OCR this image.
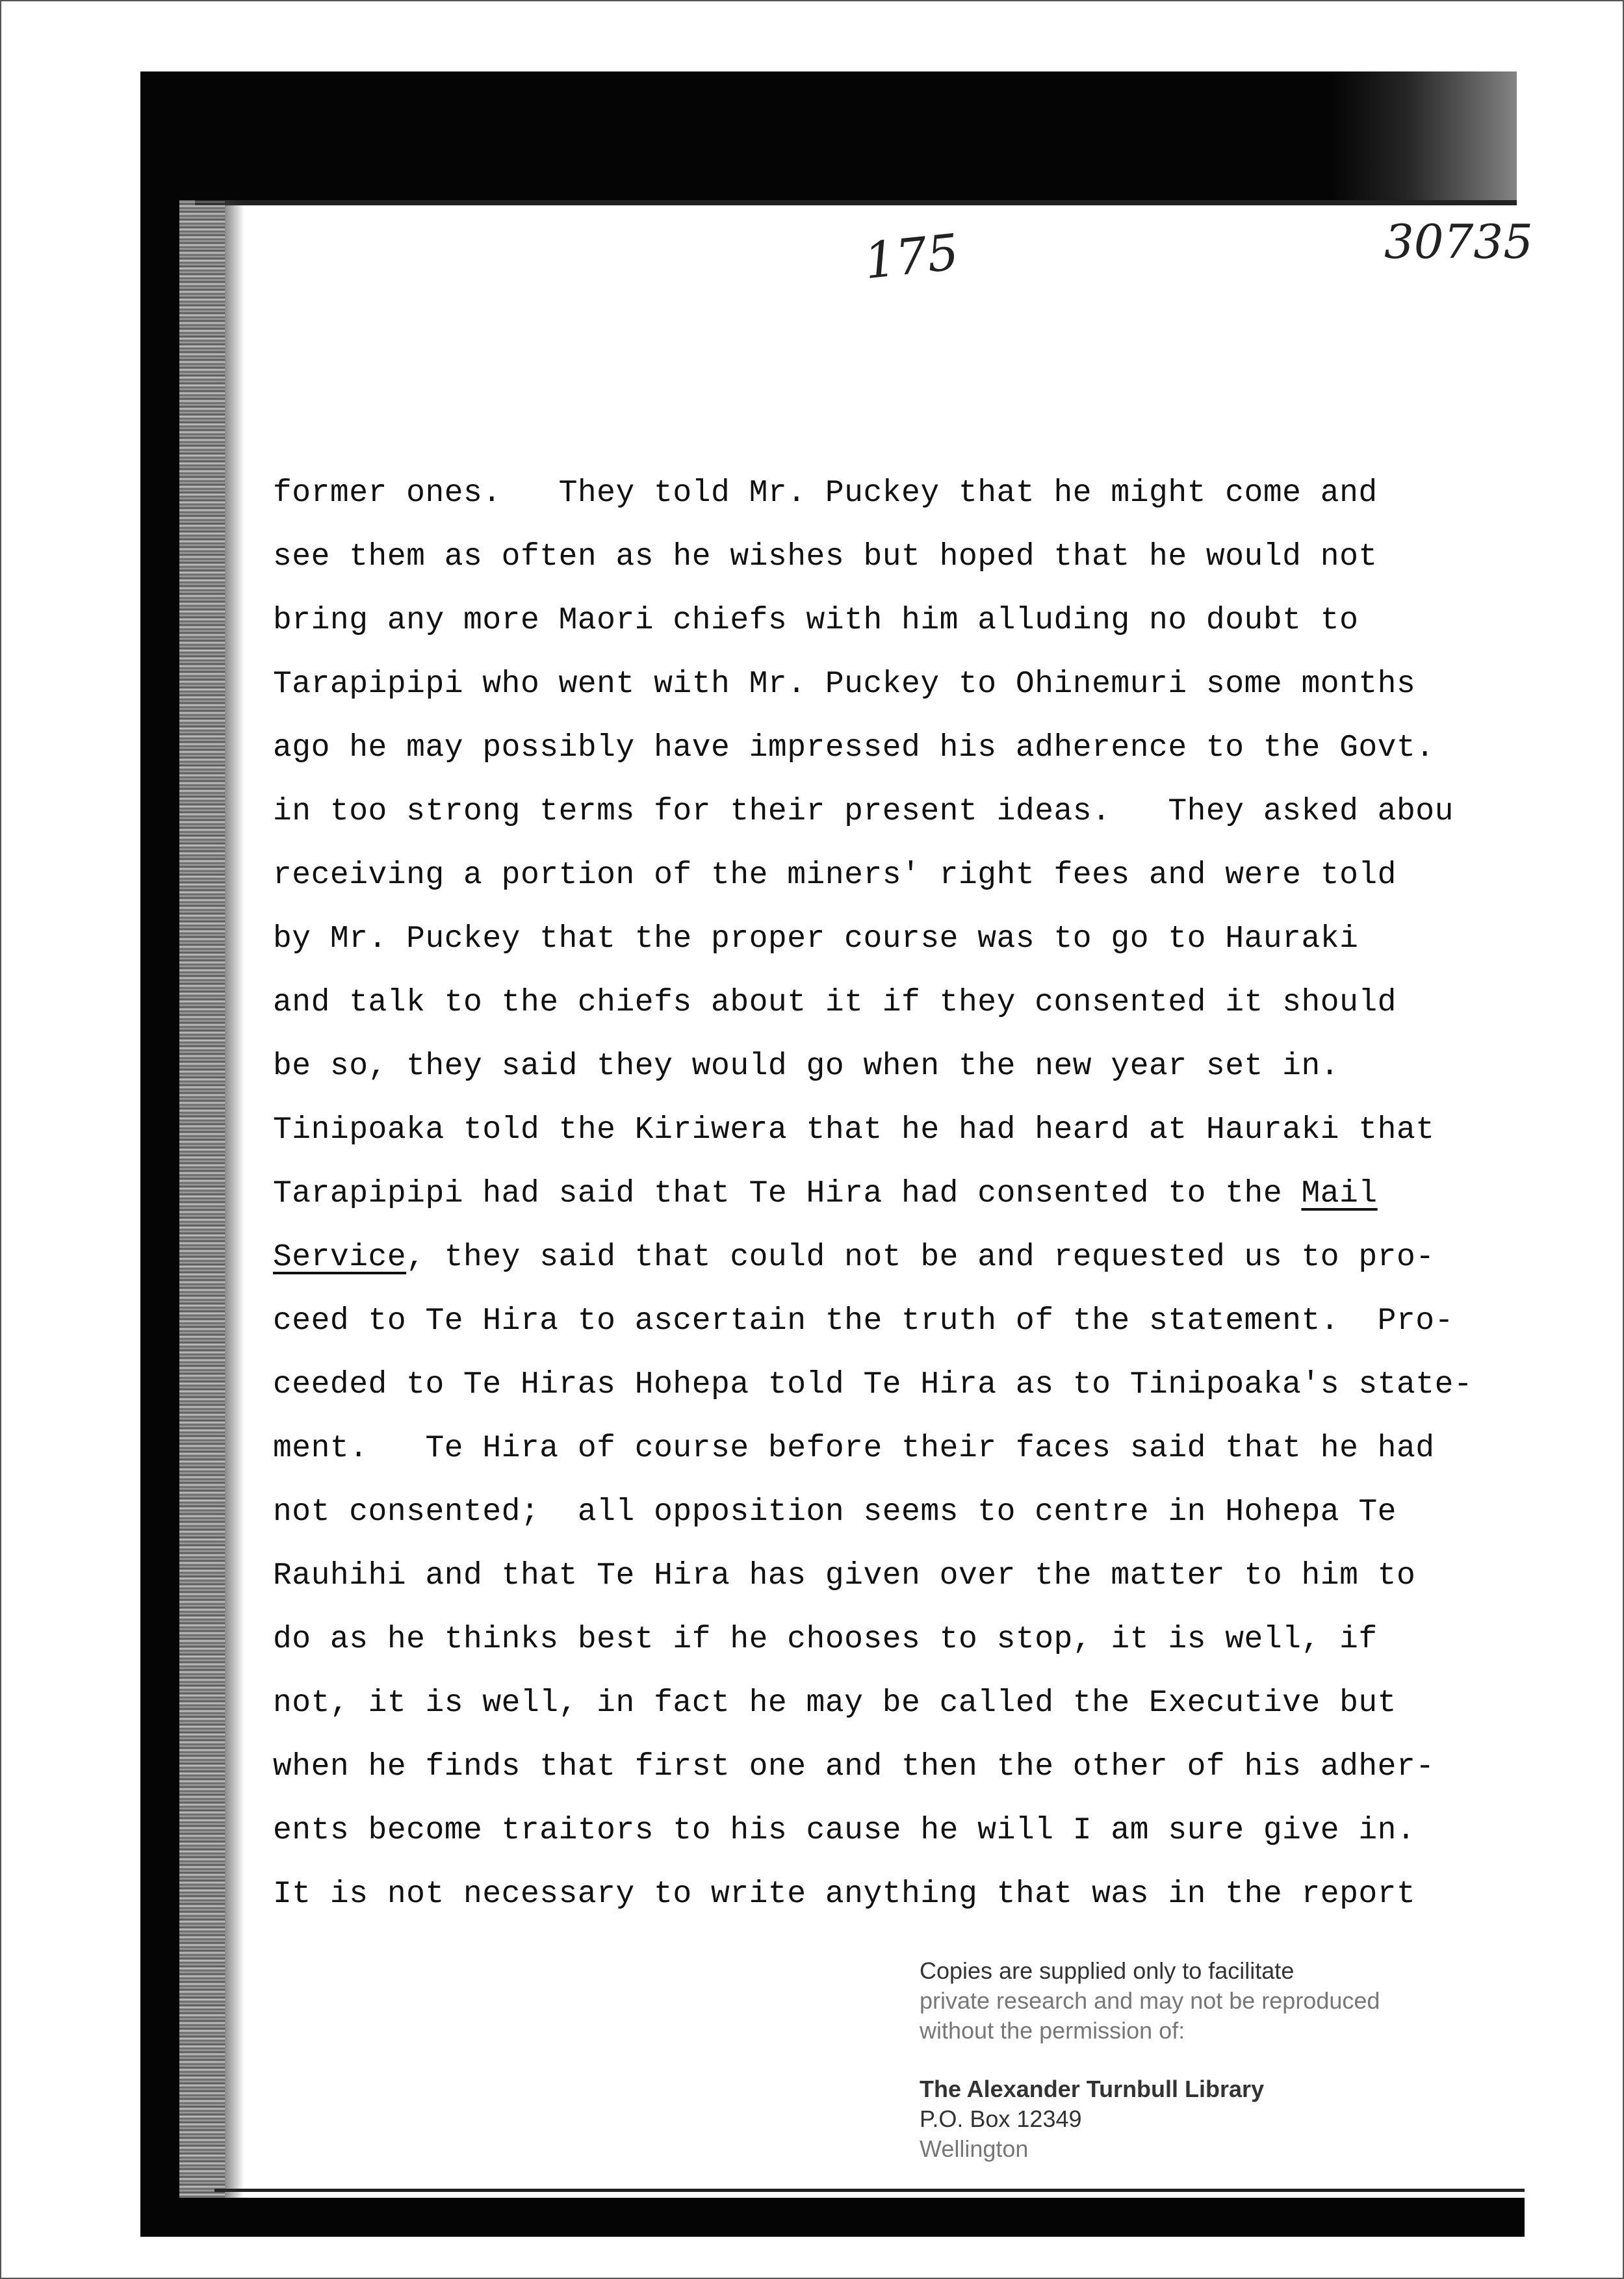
175	30735
former ones.   They told Mr. Puckey that he might come and
see them as often as he wishes but hoped that he would not
bring any more Maori chiefs with him alluding no doubt to
Tarapipipi who went with Mr. Puckey to Ohinemuri some months
ago he may possibly have impressed his adherence to the Govt.
in too strong terms for their present ideas.   They asked abou
receiving a portion of the miners' right fees and were told
by Mr. Puckey that the proper course was to go to Hauraki
and talk to the chiefs about it if they consented it should
be so, they said they would go when the new year set in.
Tinipoaka told the Kiriwera that he had heard at Hauraki that
Tarapipipi had said that Te Hira had consented to the Mail
Service, they said that could not be and requested us to pro-
ceed to Te Hira to ascertain the truth of the statement.  Pro-
ceeded to Te Hiras Hohepa told Te Hira as to Tinipoaka's state-
ment.   Te Hira of course before their faces said that he had
not consented;  all opposition seems to centre in Hohepa Te
Rauhihi and that Te Hira has given over the matter to him to
do as he thinks best if he chooses to stop, it is well, if
not, it is well, in fact he may be called the Executive but
when he finds that first one and then the other of his adher-
ents become traitors to his cause he will I am sure give in.
It is not necessary to write anything that was in the report
Copies are supplied only to facilitate
private research and may not be reproduced
without the permission of:
The Alexander Turnbull Library
P.O. Box 12349
Wellington
